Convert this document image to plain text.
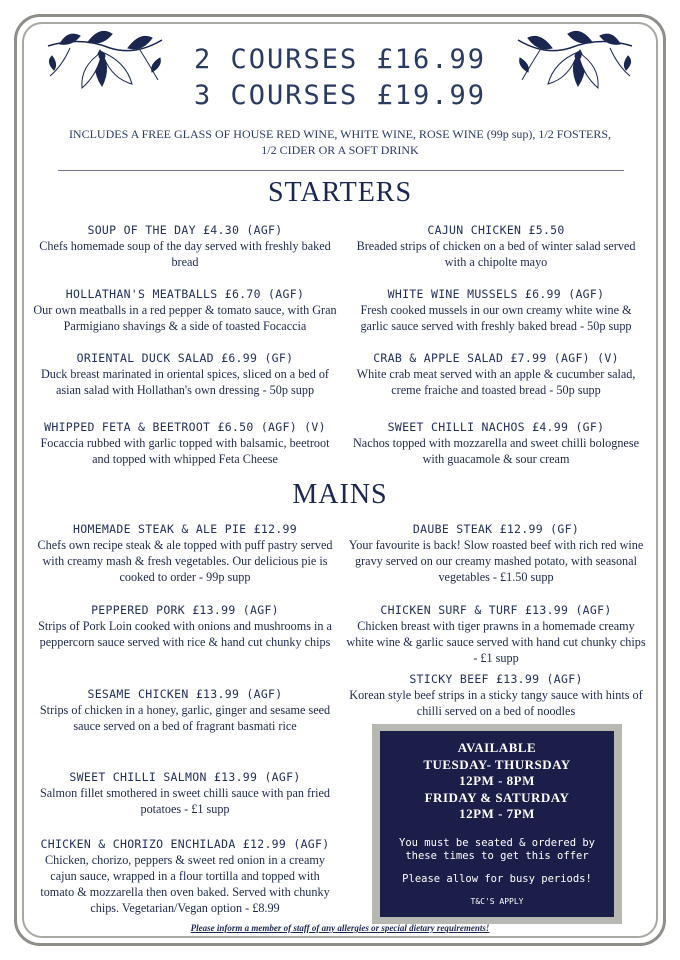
2 COURSES £16.99
3 COURSES £19.99
INCLUDES A FREE GLASS OF HOUSE RED WINE, WHITE WINE, ROSE WINE (99p sup), 1/2 FOSTERS, 1/2 CIDER OR A SOFT DRINK
STARTERS
SOUP OF THE DAY £4.30 (AGF)
Chefs homemade soup of the day served with freshly baked bread
CAJUN CHICKEN £5.50
Breaded strips of chicken on a bed of winter salad served with a chipolte mayo
HOLLATHAN'S MEATBALLS £6.70 (AGF)
Our own meatballs in a red pepper & tomato sauce, with Gran Parmigiano shavings & a side of toasted Focaccia
WHITE WINE MUSSELS £6.99 (AGF)
Fresh cooked mussels in our own creamy white wine & garlic sauce served with freshly baked bread - 50p supp
ORIENTAL DUCK SALAD £6.99 (GF)
Duck breast marinated in oriental spices, sliced on a bed of asian salad with Hollathan's own dressing - 50p supp
CRAB & APPLE SALAD £7.99 (AGF) (V)
White crab meat served with an apple & cucumber salad, creme fraiche and toasted bread - 50p supp
WHIPPED FETA & BEETROOT £6.50 (AGF) (V)
Focaccia rubbed with garlic topped with balsamic, beetroot and topped with whipped Feta Cheese
SWEET CHILLI NACHOS £4.99 (GF)
Nachos topped with mozzarella and sweet chilli bolognese with guacamole & sour cream
MAINS
HOMEMADE STEAK & ALE PIE £12.99
Chefs own recipe steak & ale topped with puff pastry served with creamy mash & fresh vegetables. Our delicious pie is cooked to order - 99p supp
DAUBE STEAK £12.99 (GF)
Your favourite is back! Slow roasted beef with rich red wine gravy served on our creamy mashed potato, with seasonal vegetables - £1.50 supp
PEPPERED PORK £13.99 (AGF)
Strips of Pork Loin cooked with onions and mushrooms in a peppercorn sauce served with rice & hand cut chunky chips
CHICKEN SURF & TURF £13.99 (AGF)
Chicken breast with tiger prawns in a homemade creamy white wine & garlic sauce served with hand cut chunky chips - £1 supp
STICKY BEEF £13.99 (AGF)
Korean style beef strips in a sticky tangy sauce with hints of chilli served on a bed of noodles
SESAME CHICKEN £13.99 (AGF)
Strips of chicken in a honey, garlic, ginger and sesame seed sauce served on a bed of fragrant basmati rice
SWEET CHILLI SALMON £13.99 (AGF)
Salmon fillet smothered in sweet chilli sauce with pan fried potatoes - £1 supp
CHICKEN & CHORIZO ENCHILADA £12.99 (AGF)
Chicken, chorizo, peppers & sweet red onion in a creamy cajun sauce, wrapped in a flour tortilla and topped with tomato & mozzarella then oven baked. Served with chunky chips. Vegetarian/Vegan option - £8.99
AVAILABLE
TUESDAY- THURSDAY
12PM - 8PM
FRIDAY & SATURDAY
12PM - 7PM
You must be seated & ordered by these times to get this offer
Please allow for busy periods!
T&C'S APPLY
Please inform a member of staff of any allergies or special dietary requirements!
